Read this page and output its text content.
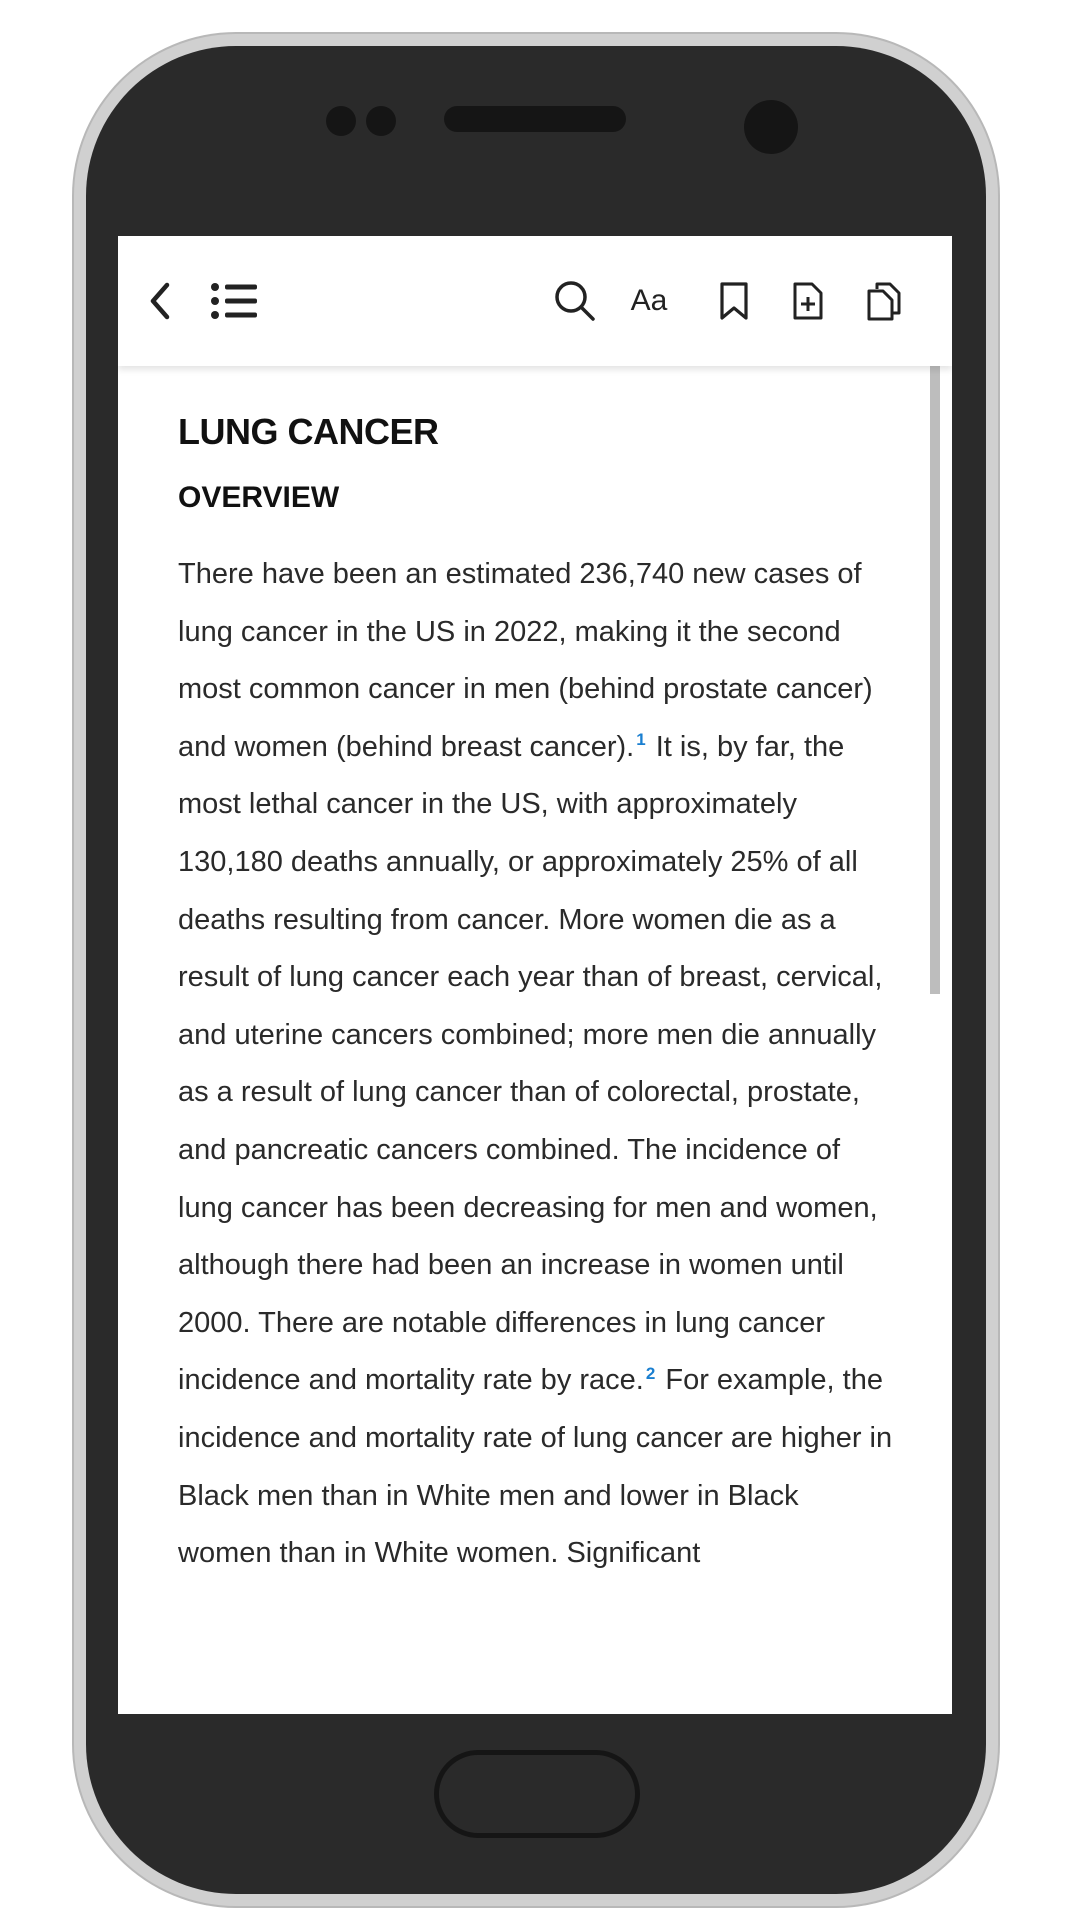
Aa
LUNG CANCER
OVERVIEW

There have been an estimated 236,740 new cases of lung cancer in the US in 2022, making it the second most common cancer in men (behind prostate cancer) and women (behind breast cancer). $^1$ It is, by far, the most lethal cancer in the US, with approximately 130,180 deaths annually, or approximately 25% of all deaths resulting from cancer. More women die as a result of lung cancer each year than of breast, cervical, and uterine cancers combined; more men die annually as a result of lung cancer than of colorectal, prostate, and pancreatic cancers combined. The incidence of lung cancer has been decreasing for men and women, although there had been an increase in women until 2000. There are notable differences in lung cancer incidence and mortality rate by race. $^2$ For example, the incidence and mortality rate of lung cancer are higher in Black men than in White men and lower in Black women than in White women. Significant
